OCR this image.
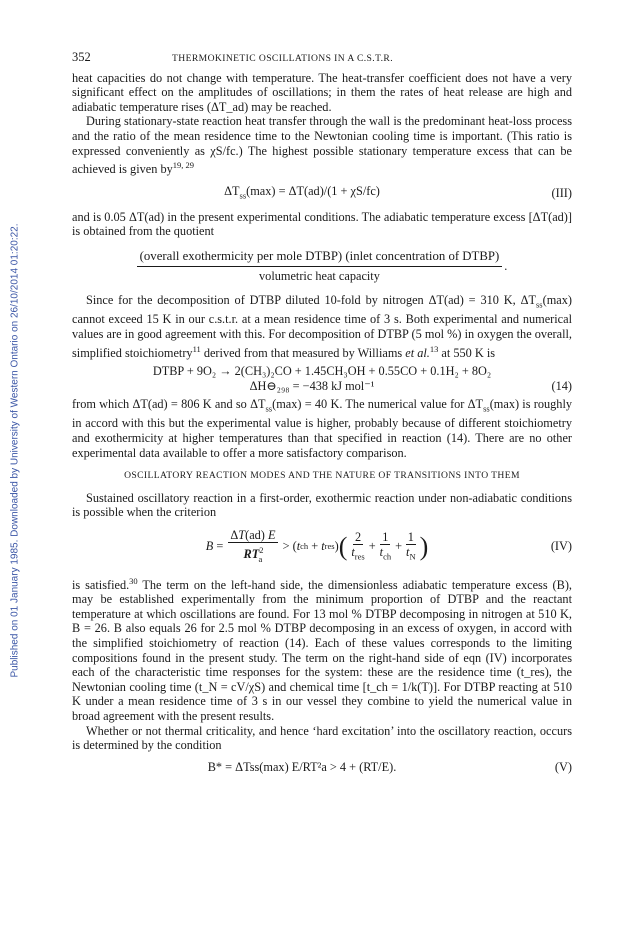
Published on 01 January 1985. Downloaded by University of Western Ontario on 26/10/2014 01:20:22.
352	THERMOKINETIC OSCILLATIONS IN A C.S.T.R.

heat capacities do not change with temperature. The heat-transfer coefficient does not have a very significant effect on the amplitudes of oscillations; in them the rates of heat release are high and adiabatic temperature rises (ΔT_ad) may be reached.

During stationary-state reaction heat transfer through the wall is the predominant heat-loss process and the ratio of the mean residence time to the Newtonian cooling time is important. (This ratio is expressed conveniently as χS/fc.) The highest possible stationary temperature excess that can be achieved is given by$^{19, 29}$

$\Delta T_{ss}(\max) = \Delta T(ad)/(1 + \chi S/fc)$	(III)

and is 0.05 ΔT(ad) in the present experimental conditions. The adiabatic temperature excess [ΔT(ad)] is obtained from the quotient

(overall exothermicity per mole DTBP) (inlet concentration of DTBP)
volumetric heat capacity
.

Since for the decomposition of DTBP diluted 10-fold by nitrogen ΔT(ad) = 310 K, $\Delta T_{ss}(\max)$ cannot exceed 15 K in our c.s.t.r. at a mean residence time of 3 s. Both experimental and numerical values are in good agreement with this. For decomposition of DTBP (5 mol %) in oxygen the overall, simplified stoichiometry$^{11}$ derived from that measured by Williams et al.$^{13}$ at 550 K is

DTBP + 9O₂ → 2(CH₃)₂CO + 1.45CH₃OH + 0.55CO + 0.1H₂ + 8O₂
ΔH⊖₂₉₈ = −438 kJ mol⁻¹	(14)

from which ΔT(ad) = 806 K and so $\Delta T_{ss}(\max) = 40$ K. The numerical value for $\Delta T_{ss}(\max)$ is roughly in accord with this but the experimental value is higher, probably because of different stoichiometry and exothermicity at higher temperatures than that specified in reaction (14). There are no other experimental data available to offer a more satisfactory comparison.

OSCILLATORY REACTION MODES AND THE NATURE OF TRANSITIONS INTO THEM

Sustained oscillatory reaction in a first-order, exothermic reaction under non-adiabatic conditions is possible when the criterion

B =
ΔT(ad) E
$RT^2_a$
> ( t ch + t res ) ( 2
$t_{res}$
+
1
$t_{ch}$
+
1
$t_N$ )	(IV)

is satisfied.$^{30}$ The term on the left-hand side, the dimensionless adiabatic temperature excess (B), may be established experimentally from the minimum proportion of DTBP and the reactant temperature at which oscillations are found. For 13 mol % DTBP decomposing in nitrogen at 510 K, B = 26. B also equals 26 for 2.5 mol % DTBP decomposing in an excess of oxygen, in accord with the simplified stoichiometry of reaction (14). Each of these values corresponds to the limiting compositions found in the present study. The term on the right-hand side of eqn (IV) incorporates each of the characteristic time responses for the system: these are the residence time (t_res), the Newtonian cooling time (t_N = cV/χS) and chemical time [t_ch = 1/k(T)]. For DTBP reacting at 510 K under a mean residence time of 3 s in our vessel they combine to yield the numerical value in broad agreement with the present results.

Whether or not thermal criticality, and hence ‘hard excitation’ into the oscillatory reaction, occurs is determined by the condition

B* = ΔTss(max) E/RT²a > 4 + (RT/E).	(V)
